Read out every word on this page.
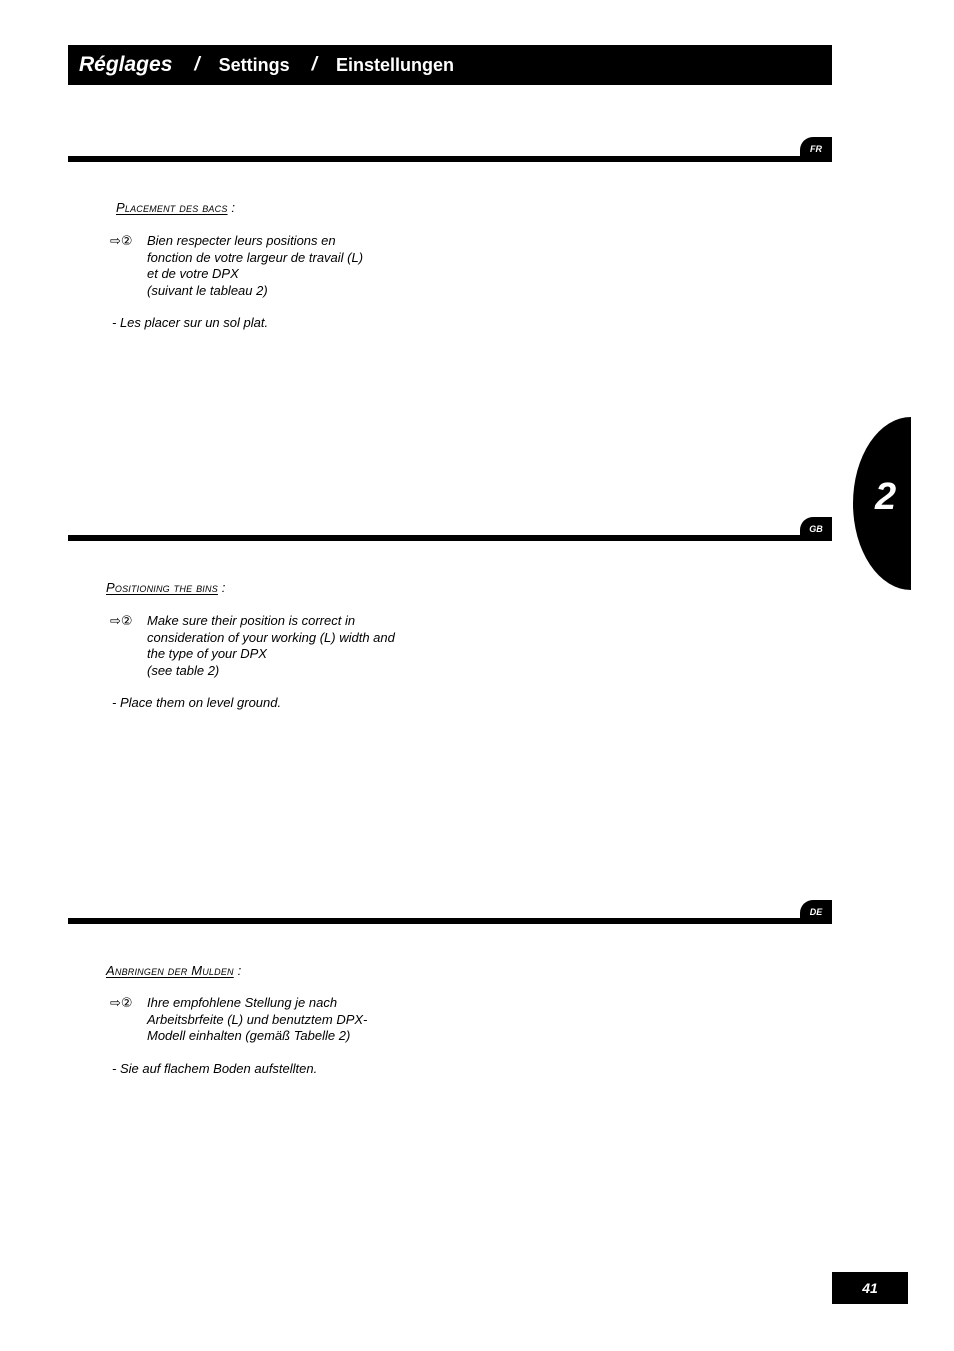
Réglages / Settings / Einstellungen
FR
Placement des bacs :
⇨② Bien respecter leurs positions en
fonction de votre largeur de travail (L)
et de votre DPX
(suivant le tableau 2)
- Les placer sur un sol plat.
2
GB
Positioning the bins :
⇨② Make sure their position is correct in
consideration of your working (L) width and
the type of your DPX
(see table 2)
- Place them on level ground.
DE
Anbringen der Mulden :
⇨② Ihre empfohlene Stellung je nach
Arbeitsbrfeite (L) und benutztem DPX-
Modell einhalten (gemäß Tabelle 2)
- Sie auf flachem Boden aufstellten.
41
